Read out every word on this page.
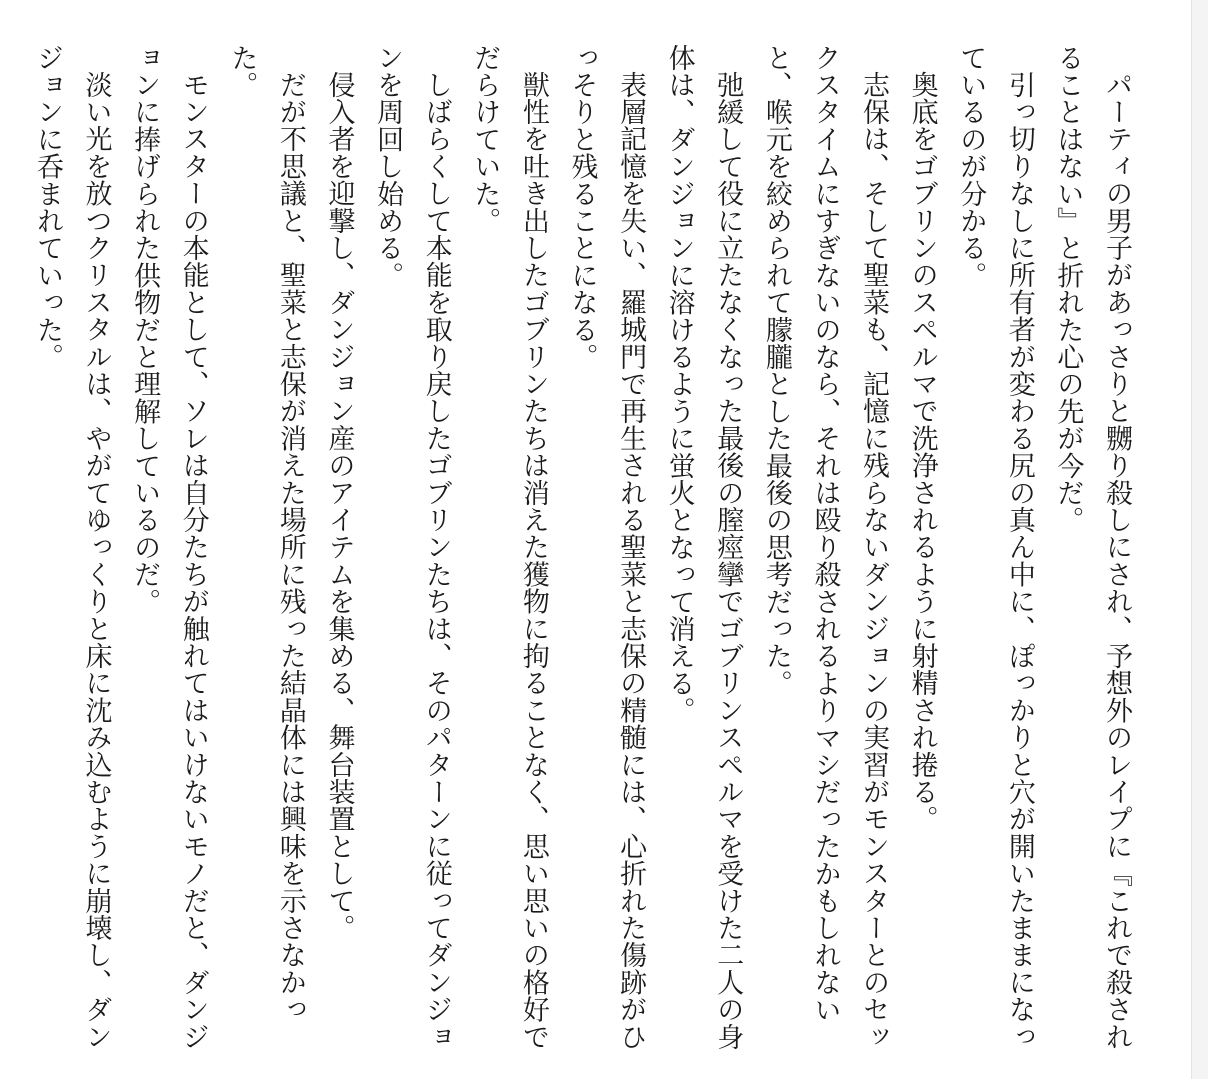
パーティの男子があっさりと嬲り殺しにされ、予想外のレイプに『これで殺されることはない』と折れた心の先が今だ。

引っ切りなしに所有者が変わる尻の真ん中に、ぽっかりと穴が開いたままになっているのが分かる。

奥底をゴブリンのスペルマで洗浄されるように射精され捲る。

志保は、そして聖菜も、記憶に残らないダンジョンの実習がモンスターとのセックスタイムにすぎないのなら、それは殴り殺されるよりマシだったかもしれないと、喉元を絞められて朦朧とした最後の思考だった。

弛緩して役に立たなくなった最後の膣痙攣でゴブリンスペルマを受けた二人の身体は、ダンジョンに溶けるように蛍火となって消える。

表層記憶を失い、羅城門で再生される聖菜と志保の精髄には、心折れた傷跡がひっそりと残ることになる。

獣性を吐き出したゴブリンたちは消えた獲物に拘ることなく、思い思いの格好でだらけていた。

しばらくして本能を取り戻したゴブリンたちは、そのパターンに従ってダンジョンを周回し始める。

侵入者を迎撃し、ダンジョン産のアイテムを集める、舞台装置として。

だが不思議と、聖菜と志保が消えた場所に残った結晶体には興味を示さなかった。

モンスターの本能として、ソレは自分たちが触れてはいけないモノだと、ダンジョンに捧げられた供物だと理解しているのだ。

淡い光を放つクリスタルは、やがてゆっくりと床に沈み込むように崩壊し、ダンジョンに呑まれていった。
